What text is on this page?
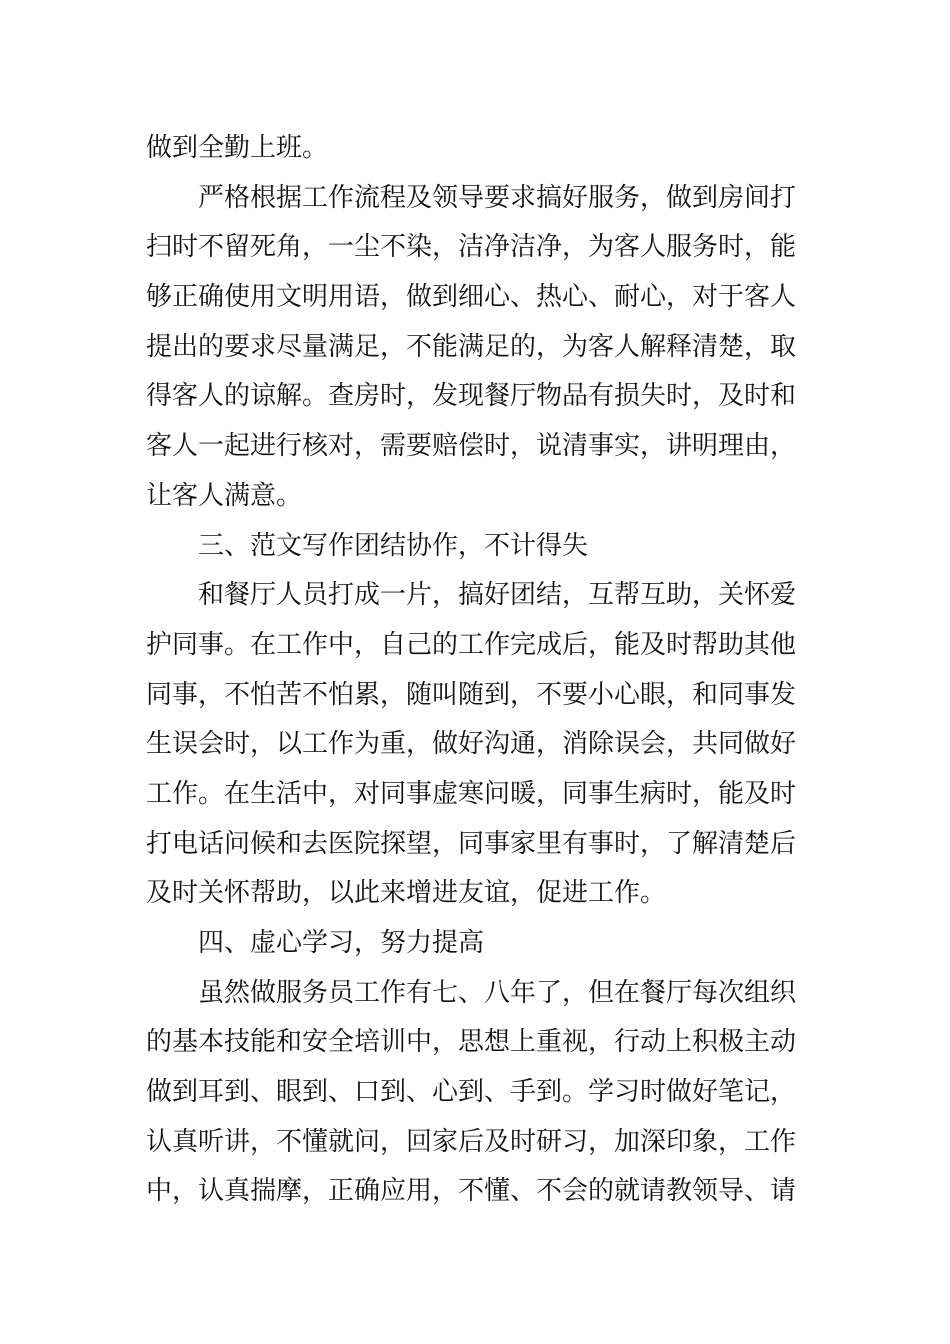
做到全勤上班。
严格根据工作流程及领导要求搞好服务，做到房间打
扫时不留死角，一尘不染，洁净洁净，为客人服务时，能
够正确使用文明用语，做到细心、热心、耐心，对于客人
提出的要求尽量满足，不能满足的，为客人解释清楚，取
得客人的谅解。查房时，发现餐厅物品有损失时，及时和
客人一起进行核对，需要赔偿时，说清事实，讲明理由，
让客人满意。
三、范文写作团结协作，不计得失
和餐厅人员打成一片，搞好团结，互帮互助，关怀爱
护同事。在工作中，自己的工作完成后，能及时帮助其他
同事，不怕苦不怕累，随叫随到，不要小心眼，和同事发
生误会时，以工作为重，做好沟通，消除误会，共同做好
工作。在生活中，对同事虚寒问暖，同事生病时，能及时
打电话问候和去医院探望，同事家里有事时，了解清楚后
及时关怀帮助，以此来增进友谊，促进工作。
四、虚心学习，努力提高
虽然做服务员工作有七、八年了，但在餐厅每次组织
的基本技能和安全培训中，思想上重视，行动上积极主动
做到耳到、眼到、口到、心到、手到。学习时做好笔记，
认真听讲，不懂就问，回家后及时研习，加深印象，工作
中，认真揣摩，正确应用，不懂、不会的就请教领导、请
